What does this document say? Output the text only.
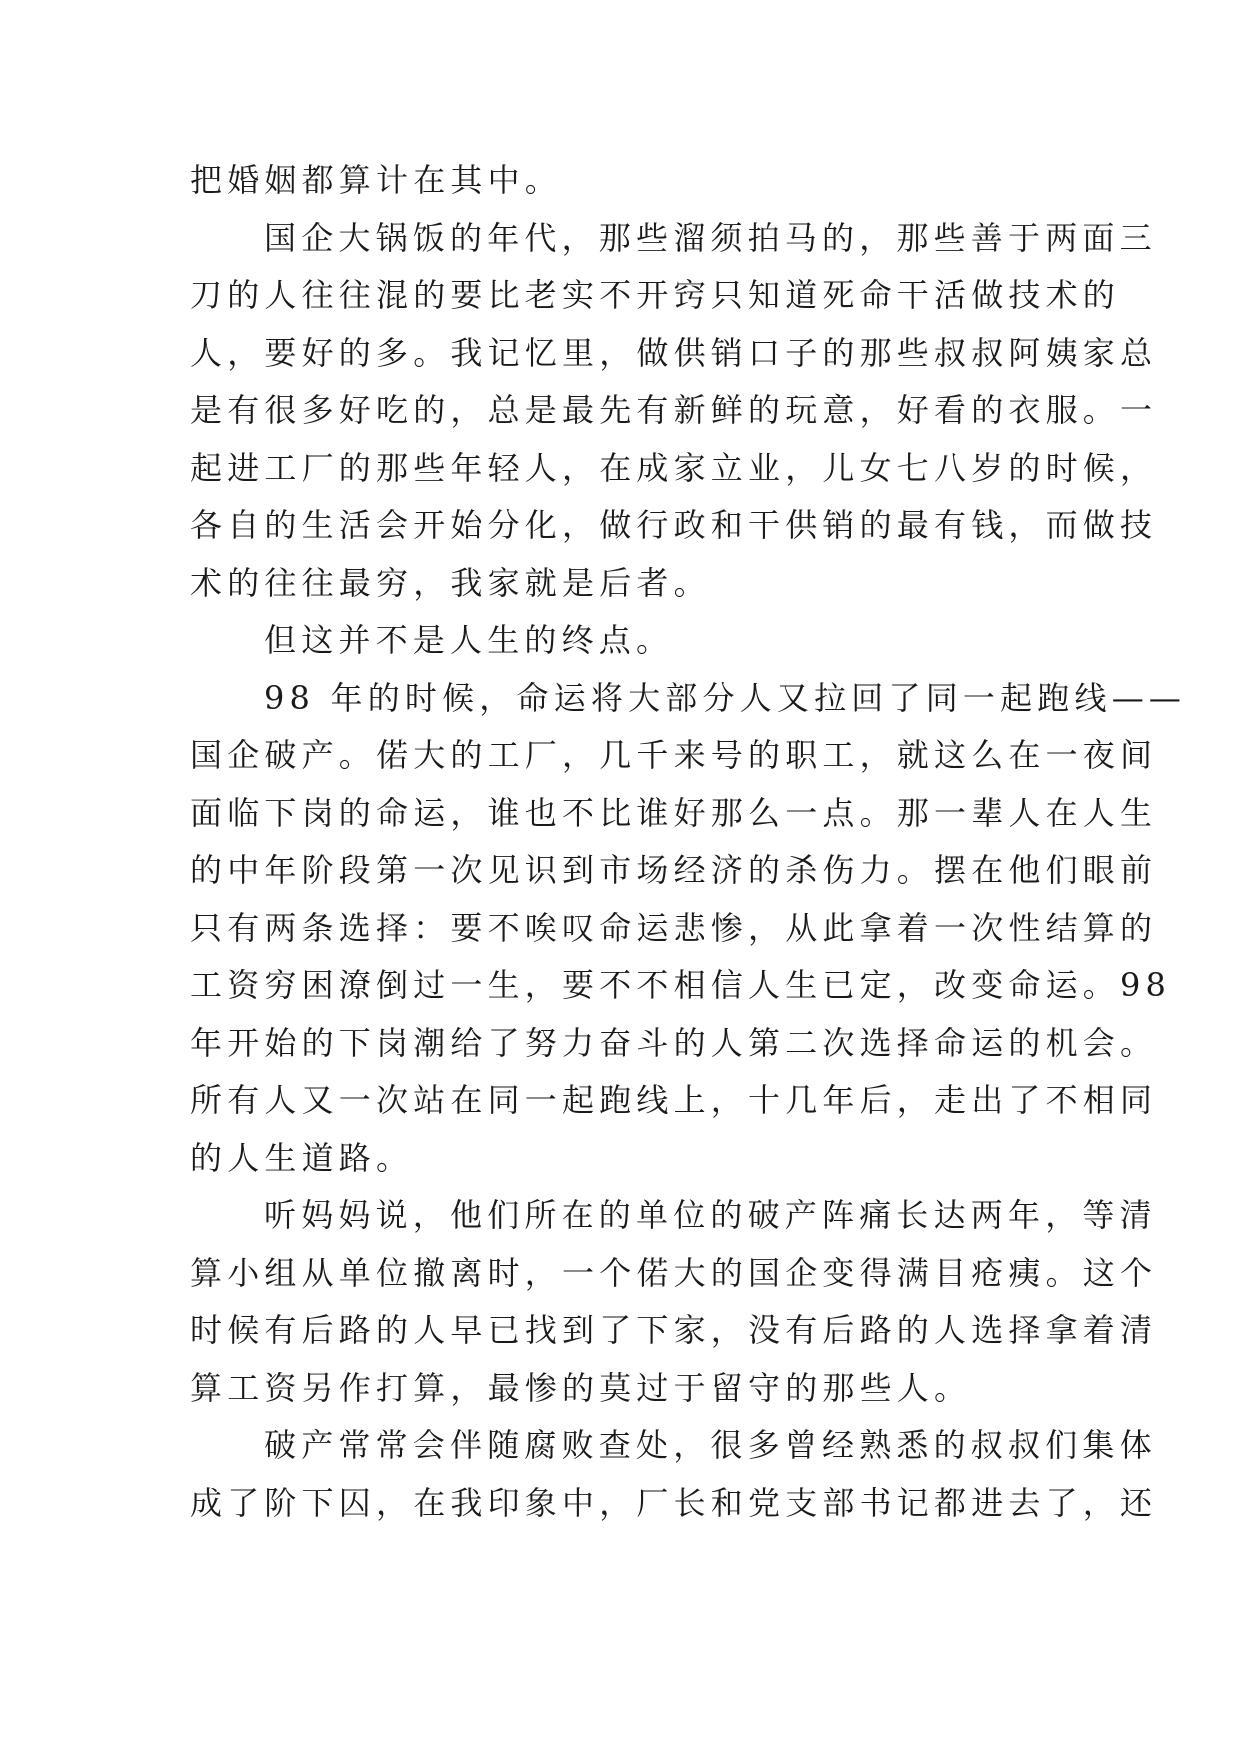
把婚姻都算计在其中。
国企大锅饭的年代，那些溜须拍马的，那些善于两面三
刀的人往往混的要比老实不开窍只知道死命干活做技术的
人，要好的多。我记忆里，做供销口子的那些叔叔阿姨家总
是有很多好吃的，总是最先有新鲜的玩意，好看的衣服。一
起进工厂的那些年轻人，在成家立业，儿女七八岁的时候，
各自的生活会开始分化，做行政和干供销的最有钱，而做技
术的往往最穷，我家就是后者。
但这并不是人生的终点。
98 年的时候，命运将大部分人又拉回了同一起跑线——
国企破产。偌大的工厂，几千来号的职工，就这么在一夜间
面临下岗的命运，谁也不比谁好那么一点。那一辈人在人生
的中年阶段第一次见识到市场经济的杀伤力。摆在他们眼前
只有两条选择：要不唉叹命运悲惨，从此拿着一次性结算的
工资穷困潦倒过一生，要不不相信人生已定，改变命运。98
年开始的下岗潮给了努力奋斗的人第二次选择命运的机会。
所有人又一次站在同一起跑线上，十几年后，走出了不相同
的人生道路。
听妈妈说，他们所在的单位的破产阵痛长达两年，等清
算小组从单位撤离时，一个偌大的国企变得满目疮痍。这个
时候有后路的人早已找到了下家，没有后路的人选择拿着清
算工资另作打算，最惨的莫过于留守的那些人。
破产常常会伴随腐败查处，很多曾经熟悉的叔叔们集体
成了阶下囚，在我印象中，厂长和党支部书记都进去了，还
